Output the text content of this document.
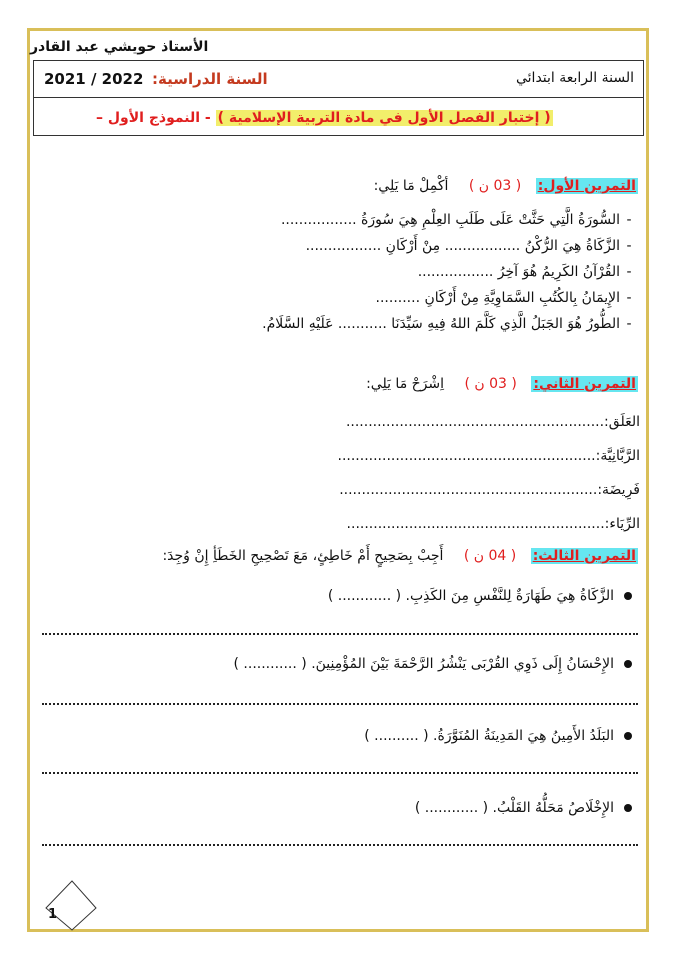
الأستاذ حويشي عبد القادر
السنة الرابعة ابتدائي
السنة الدراسية:
2021 / 2022
( إختبار الفصل الأول في مادة التربية الإسلامية ) - النموذج الأول –
التمرين الأول: ( 03 ن ) أكْمِلْ مَا يَلِي:
-السُّورَةُ الَّتِي حَثَّتْ عَلَى طَلَبِ العِلْمِ هِيَ سُورَةُ .................
-الزَّكَاةُ هِيَ الرُّكْنُ ................. مِنْ أَرْكَانِ .................
-القُرْآنُ الكَرِيمُ هُوَ آخِرُ .................
-الإِيمَانُ بِالكُتُبِ السَّمَاوِيَّةِ مِنْ أَرْكَانِ ..........
-الطُّورُ هُوَ الجَبَلُ الَّذِي كَلَّمَ اللهُ فِيهِ سَيِّدَنَا ........... عَلَيْهِ السَّلَامُ.
التمرين الثاني: ( 03 ن ) اِشْرَحْ مَا يَلِي:
العَلَق:..........................................................
الرَّبَّانِيَّة:..........................................................
فَرِيضَة:..........................................................
الرِّيَاء:..........................................................
التمرين الثالث: ( 04 ن ) أَجِبْ بِصَحِيحٍ أَمْ خَاطِئٍ، مَعَ تَصْحِيحِ الخَطَأِ إِنْ وُجِدَ:
الزَّكَاةُ هِيَ طَهَارَةٌ لِلنَّفْسِ مِنَ الكَذِبِ. ( ............ )
الإِحْسَانُ إِلَى ذَوِي القُرْبَى يَنْشُرُ الرَّحْمَةَ بَيْنَ المُؤْمِنِينَ. ( ............ )
البَلَدُ الأَمِينُ هِيَ المَدِينَةُ المُنَوَّرَةُ. ( .......... )
الإِخْلَاصُ مَحَلُّهُ القَلْبُ. ( ............ )
1
